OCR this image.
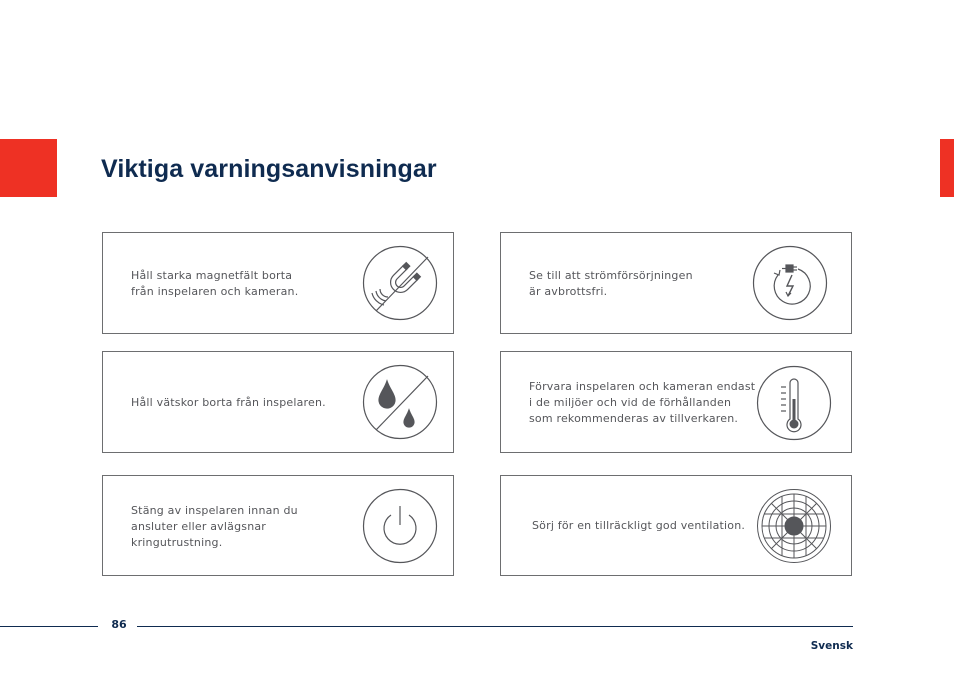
Viktiga varningsanvisningar
Håll starka magnetfält borta
från inspelaren och kameran.
Se till att strömförsörjningen
är avbrottsfri.
Håll vätskor borta från inspelaren.
Förvara inspelaren och kameran endast
i de miljöer och vid de förhållanden
som rekommenderas av tillverkaren.
Stäng av inspelaren innan du
ansluter eller avlägsnar
kringutrustning.
Sörj för en tillräckligt god ventilation.
86
Svensk
